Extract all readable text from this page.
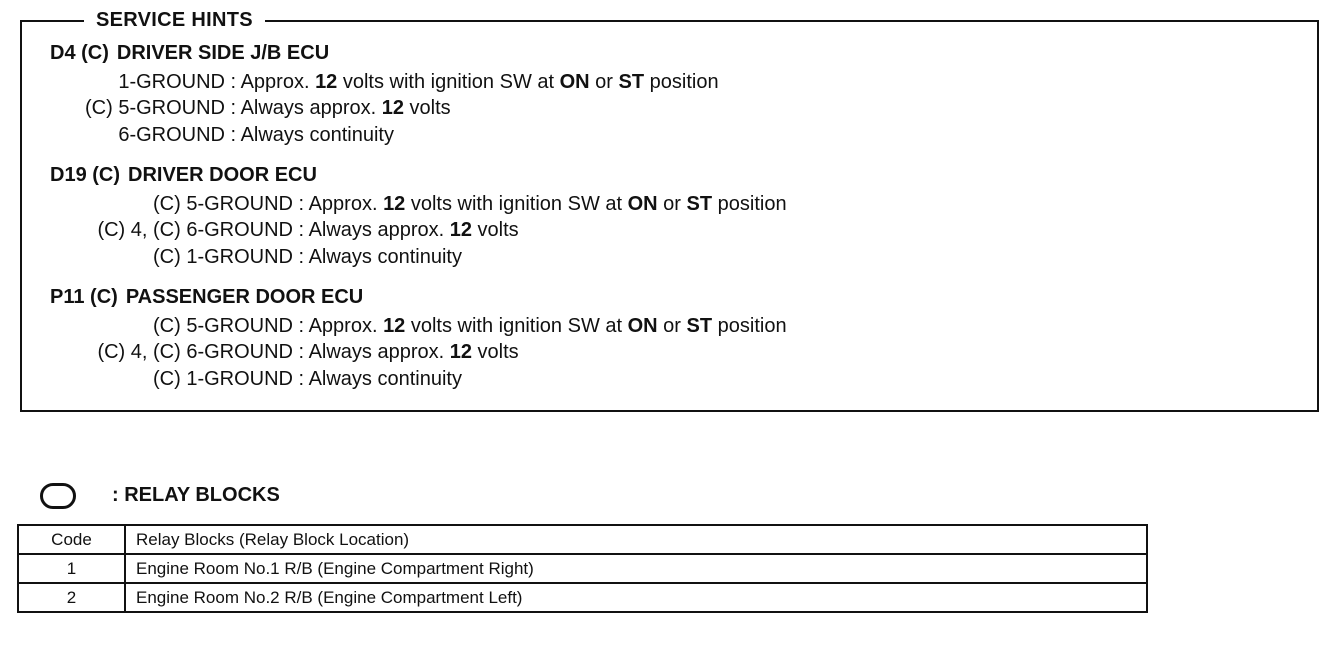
SERVICE HINTS
D4 (C) DRIVER SIDE J/B ECU
1-GROUND : Approx. 12 volts with ignition SW at ON or ST position
(C) 5-GROUND : Always approx. 12 volts
6-GROUND : Always continuity
D19 (C) DRIVER DOOR ECU
(C) 5-GROUND : Approx. 12 volts with ignition SW at ON or ST position
(C) 4, (C) 6-GROUND : Always approx. 12 volts
(C) 1-GROUND : Always continuity
P11 (C) PASSENGER DOOR ECU
(C) 5-GROUND : Approx. 12 volts with ignition SW at ON or ST position
(C) 4, (C) 6-GROUND : Always approx. 12 volts
(C) 1-GROUND : Always continuity
: RELAY BLOCKS
Code	Relay Blocks (Relay Block Location)
1	Engine Room No.1 R/B (Engine Compartment Right)
2	Engine Room No.2 R/B (Engine Compartment Left)
